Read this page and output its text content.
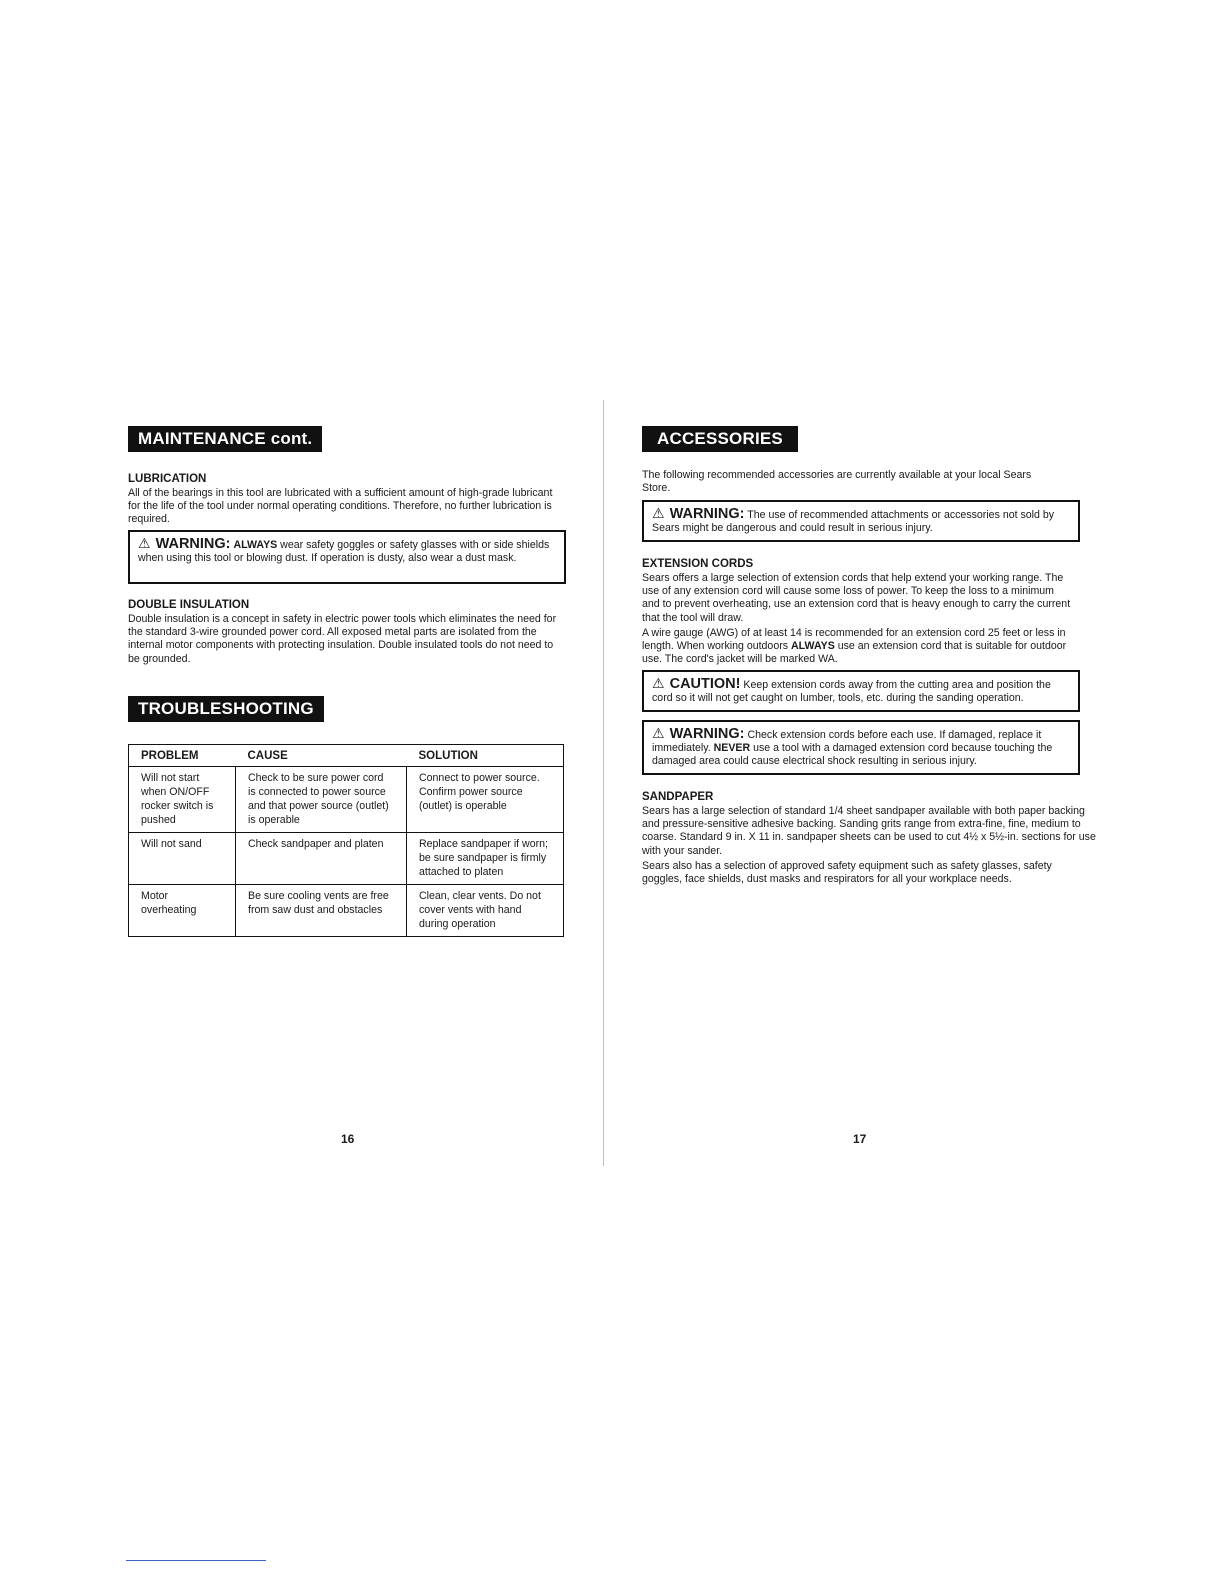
MAINTENANCE cont.
LUBRICATION

All of the bearings in this tool are lubricated with a sufficient amount of high-grade lubricant for the life of the tool under normal operating conditions. Therefore, no further lubrication is required.

⚠ WARNING: ALWAYS wear safety goggles or safety glasses with or side shields when using this tool or blowing dust. If operation is dusty, also wear a dust mask.
DOUBLE INSULATION

Double insulation is a concept in safety in electric power tools which eliminates the need for the standard 3-wire grounded power cord. All exposed metal parts are isolated from the internal motor components with protecting insulation. Double insulated tools do not need to be grounded.

TROUBLESHOOTING
PROBLEM	CAUSE	SOLUTION
Will not start when ON/OFF rocker switch is pushed	Check to be sure power cord is connected to power source and that power source (outlet) is operable	Connect to power source. Confirm power source (outlet) is operable
Will not sand	Check sandpaper and platen	Replace sandpaper if worn; be sure sandpaper is firmly attached to platen
Motor overheating	Be sure cooling vents are free from saw dust and obstacles	Clean, clear vents. Do not cover vents with hand during operation
16
ACCESSORIES

The following recommended accessories are currently available at your local Sears Store.

⚠ WARNING: The use of recommended attachments or accessories not sold by Sears might be dangerous and could result in serious injury.
EXTENSION CORDS

Sears offers a large selection of extension cords that help extend your working range. The use of any extension cord will cause some loss of power. To keep the loss to a minimum and to prevent overheating, use an extension cord that is heavy enough to carry the current that the tool will draw.

A wire gauge (AWG) of at least 14 is recommended for an extension cord 25 feet or less in length. When working outdoors ALWAYS use an extension cord that is suitable for outdoor use. The cord's jacket will be marked WA.

⚠ CAUTION! Keep extension cords away from the cutting area and position the cord so it will not get caught on lumber, tools, etc. during the sanding operation.
⚠ WARNING: Check extension cords before each use. If damaged, replace it immediately. NEVER use a tool with a damaged extension cord because touching the damaged area could cause electrical shock resulting in serious injury.
SANDPAPER

Sears has a large selection of standard 1/4 sheet sandpaper available with both paper backing and pressure-sensitive adhesive backing. Sanding grits range from extra-fine, fine, medium to coarse. Standard 9 in. X 11 in. sandpaper sheets can be used to cut 4½ x 5½-in. sections for use with your sander.

Sears also has a selection of approved safety equipment such as safety glasses, safety goggles, face shields, dust masks and respirators for all your workplace needs.

17
